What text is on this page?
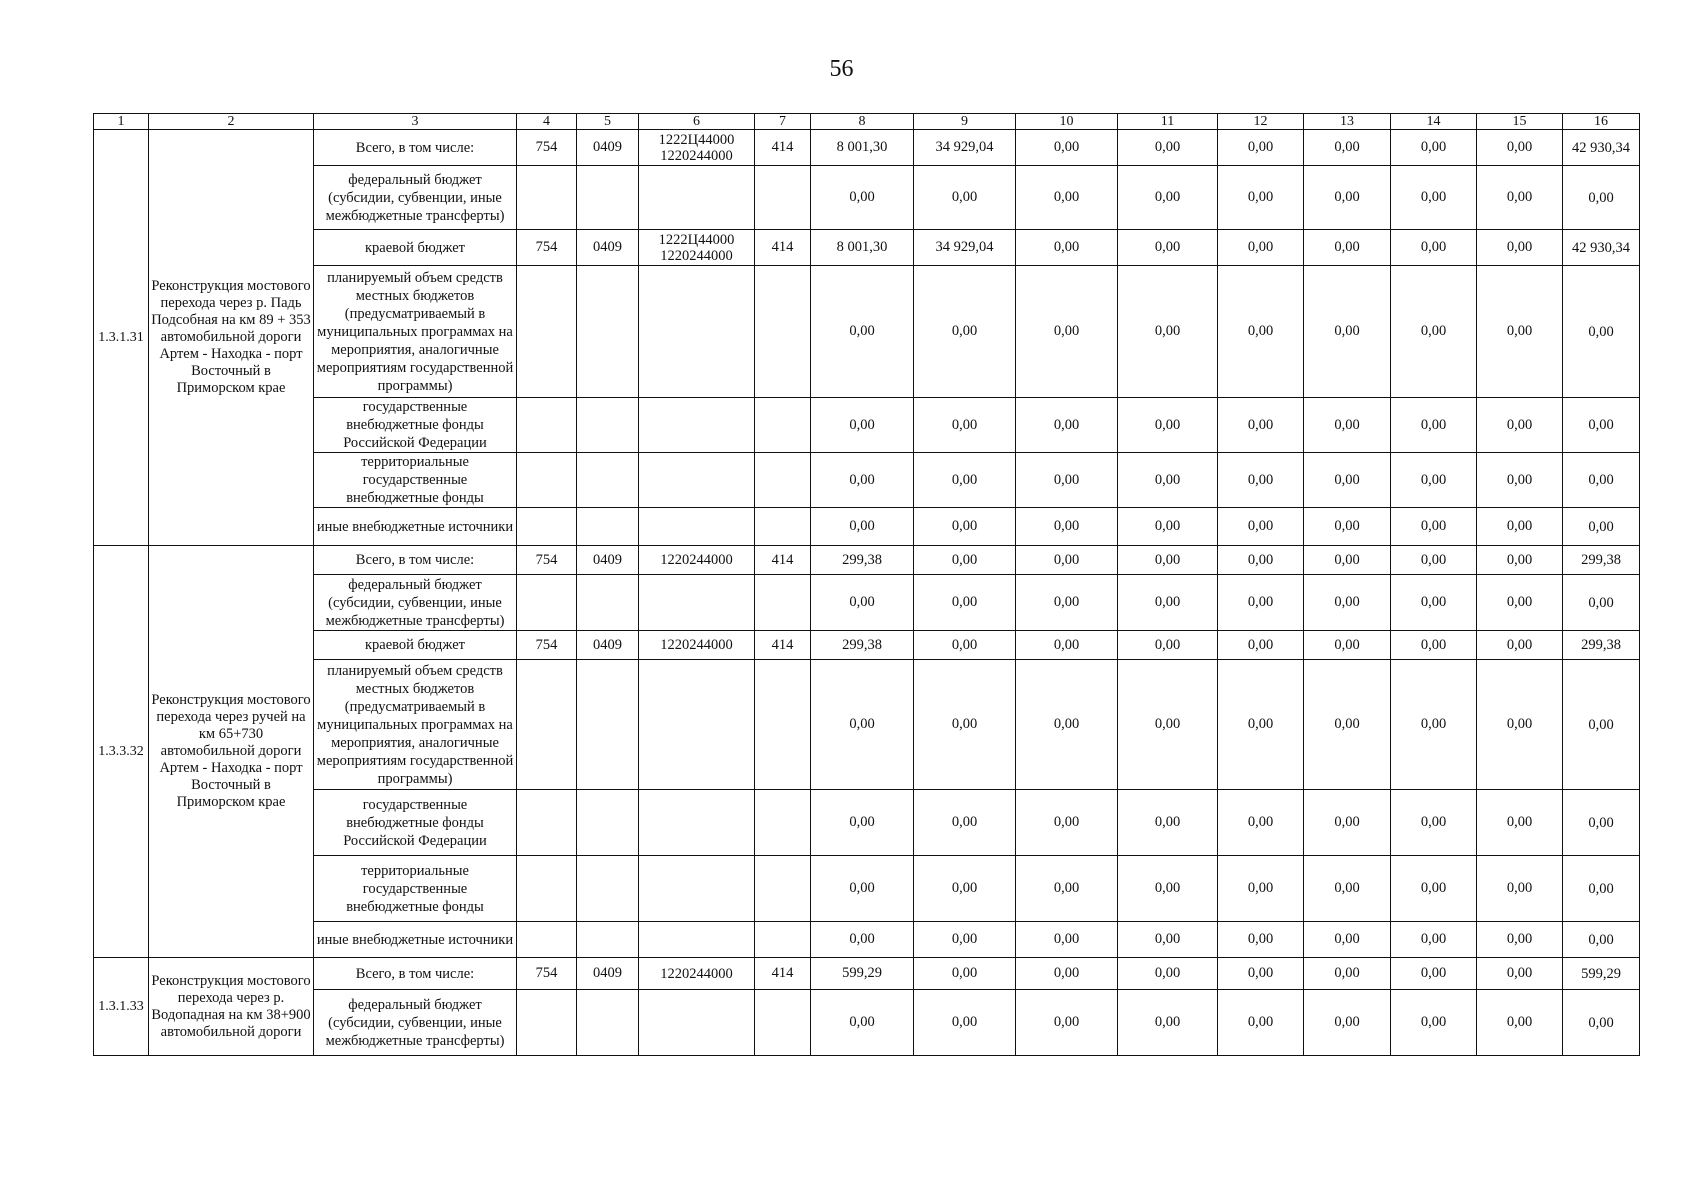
56
1	2	3	4	5	6	7	8	9	10	11	12	13	14	15	16
1.3.1.31	Реконструкция мостового перехода через р. Падь Подсобная на км 89 + 353 автомобильной дороги Артем - Находка - порт Восточный в Приморском крае	Всего, в том числе:	754	0409	1222Ц44000 1220244000	414	8 001,30	34 929,04	0,00	0,00	0,00	0,00	0,00	0,00	42 930,34
		федеральный бюджет (субсидии, субвенции, иные межбюджетные трансферты)					0,00	0,00	0,00	0,00	0,00	0,00	0,00	0,00	0,00
		краевой бюджет	754	0409	1222Ц44000 1220244000	414	8 001,30	34 929,04	0,00	0,00	0,00	0,00	0,00	0,00	42 930,34
		планируемый объем средств местных бюджетов (предусматриваемый в муниципальных программах на мероприятия, аналогичные мероприятиям государственной программы)					0,00	0,00	0,00	0,00	0,00	0,00	0,00	0,00	0,00
		государственные внебюджетные фонды Российской Федерации					0,00	0,00	0,00	0,00	0,00	0,00	0,00	0,00	0,00
		территориальные государственные внебюджетные фонды					0,00	0,00	0,00	0,00	0,00	0,00	0,00	0,00	0,00
		иные внебюджетные источники					0,00	0,00	0,00	0,00	0,00	0,00	0,00	0,00	0,00
1.3.3.32	Реконструкция мостового перехода через ручей на км 65+730 автомобильной дороги Артем - Находка - порт Восточный в Приморском крае	Всего, в том числе:	754	0409	1220244000	414	299,38	0,00	0,00	0,00	0,00	0,00	0,00	0,00	299,38
		федеральный бюджет (субсидии, субвенции, иные межбюджетные трансферты)					0,00	0,00	0,00	0,00	0,00	0,00	0,00	0,00	0,00
		краевой бюджет	754	0409	1220244000	414	299,38	0,00	0,00	0,00	0,00	0,00	0,00	0,00	299,38
		планируемый объем средств местных бюджетов (предусматриваемый в муниципальных программах на мероприятия, аналогичные мероприятиям государственной программы)					0,00	0,00	0,00	0,00	0,00	0,00	0,00	0,00	0,00
		государственные внебюджетные фонды Российской Федерации					0,00	0,00	0,00	0,00	0,00	0,00	0,00	0,00	0,00
		территориальные государственные внебюджетные фонды					0,00	0,00	0,00	0,00	0,00	0,00	0,00	0,00	0,00
		иные внебюджетные источники					0,00	0,00	0,00	0,00	0,00	0,00	0,00	0,00	0,00
1.3.1.33	Реконструкция мостового перехода через р. Водопадная на км 38+900 автомобильной дороги	Всего, в том числе:	754	0409	1220244000	414	599,29	0,00	0,00	0,00	0,00	0,00	0,00	0,00	599,29
		федеральный бюджет (субсидии, субвенции, иные межбюджетные трансферты)					0,00	0,00	0,00	0,00	0,00	0,00	0,00	0,00	0,00
